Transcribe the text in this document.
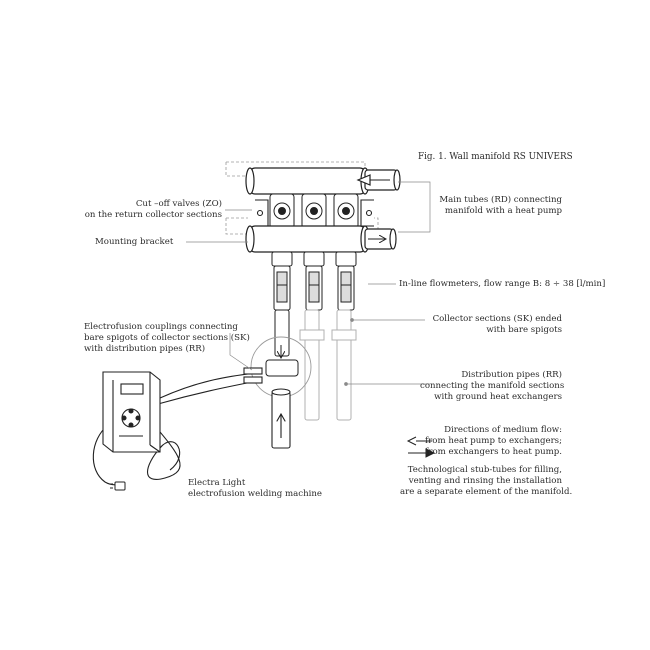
Fig. 1. Wall manifold RS UNIVERS
Cut –off valves (ZO)
on the return collector sections
Mounting bracket
Electrofusion couplings connecting
bare spigots of collector sections (SK)
with distribution pipes (RR)
Electra Light
electrofusion welding machine
Main tubes (RD) connecting
manifold with a heat pump
In-line flowmeters, flow range B: 8 ÷ 38 [l/min]
Collector sections (SK) ended
with bare spigots
Distribution pipes (RR)
connecting the manifold sections
with ground heat exchangers
Directions of medium flow:
from heat pump to exchangers;
from exchangers to heat pump.
Technological stub-tubes for filling,
venting and rinsing the installation
are a separate element of the manifold.
